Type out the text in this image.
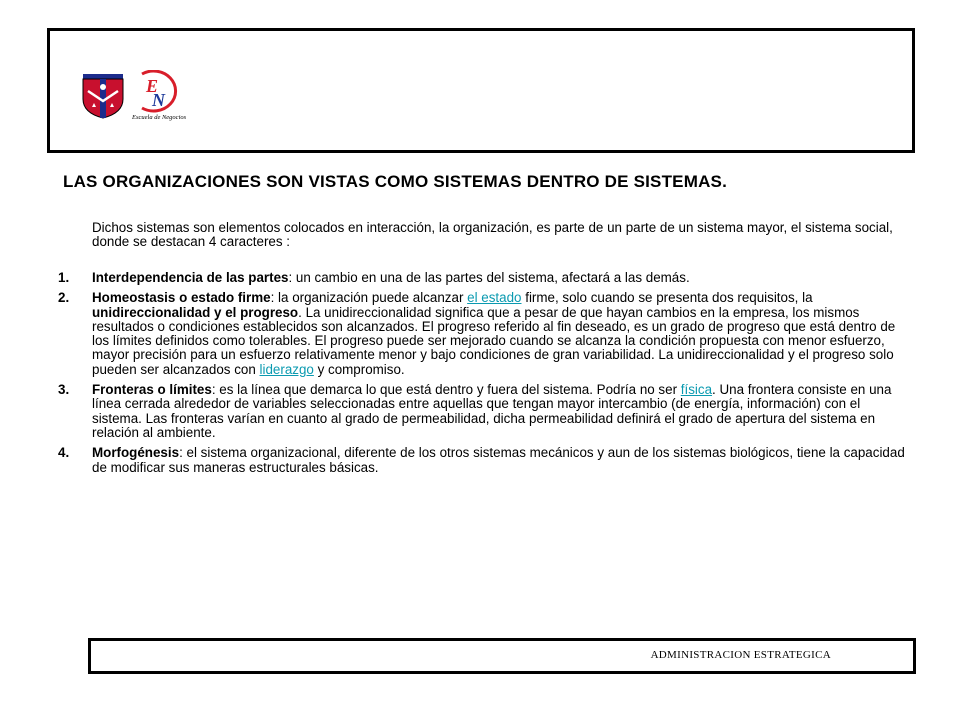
E
N
Escuela de Negocios
LAS ORGANIZACIONES SON VISTAS COMO SISTEMAS DENTRO DE SISTEMAS.
Dichos sistemas son elementos colocados en interacción, la organización, es parte de un parte de un sistema mayor, el sistema social, donde se destacan 4 caracteres :
1. Interdependencia de las partes: un cambio en una de las partes del sistema, afectará a las demás.
2. Homeostasis o estado firme: la organización puede alcanzar el estado firme, solo cuando se presenta dos requisitos, la unidireccionalidad y el progreso. La unidireccionalidad significa que a pesar de que hayan cambios en la empresa, los mismos resultados o condiciones establecidos son alcanzados. El progreso referido al fin deseado, es un grado de progreso que está dentro de los límites definidos como tolerables. El progreso puede ser mejorado cuando se alcanza la condición propuesta con menor esfuerzo, mayor precisión para un esfuerzo relativamente menor y bajo condiciones de gran variabilidad. La unidireccionalidad y el progreso solo pueden ser alcanzados con liderazgo y compromiso.
3. Fronteras o límites: es la línea que demarca lo que está dentro y fuera del sistema. Podría no ser física. Una frontera consiste en una línea cerrada alrededor de variables seleccionadas entre aquellas que tengan mayor intercambio (de energía, información) con el sistema. Las fronteras varían en cuanto al grado de permeabilidad, dicha permeabilidad definirá el grado de apertura del sistema en relación al ambiente.
4. Morfogénesis: el sistema organizacional, diferente de los otros sistemas mecánicos y aun de los sistemas biológicos, tiene la capacidad de modificar sus maneras estructurales básicas.
ADMINISTRACION ESTRATEGICA
